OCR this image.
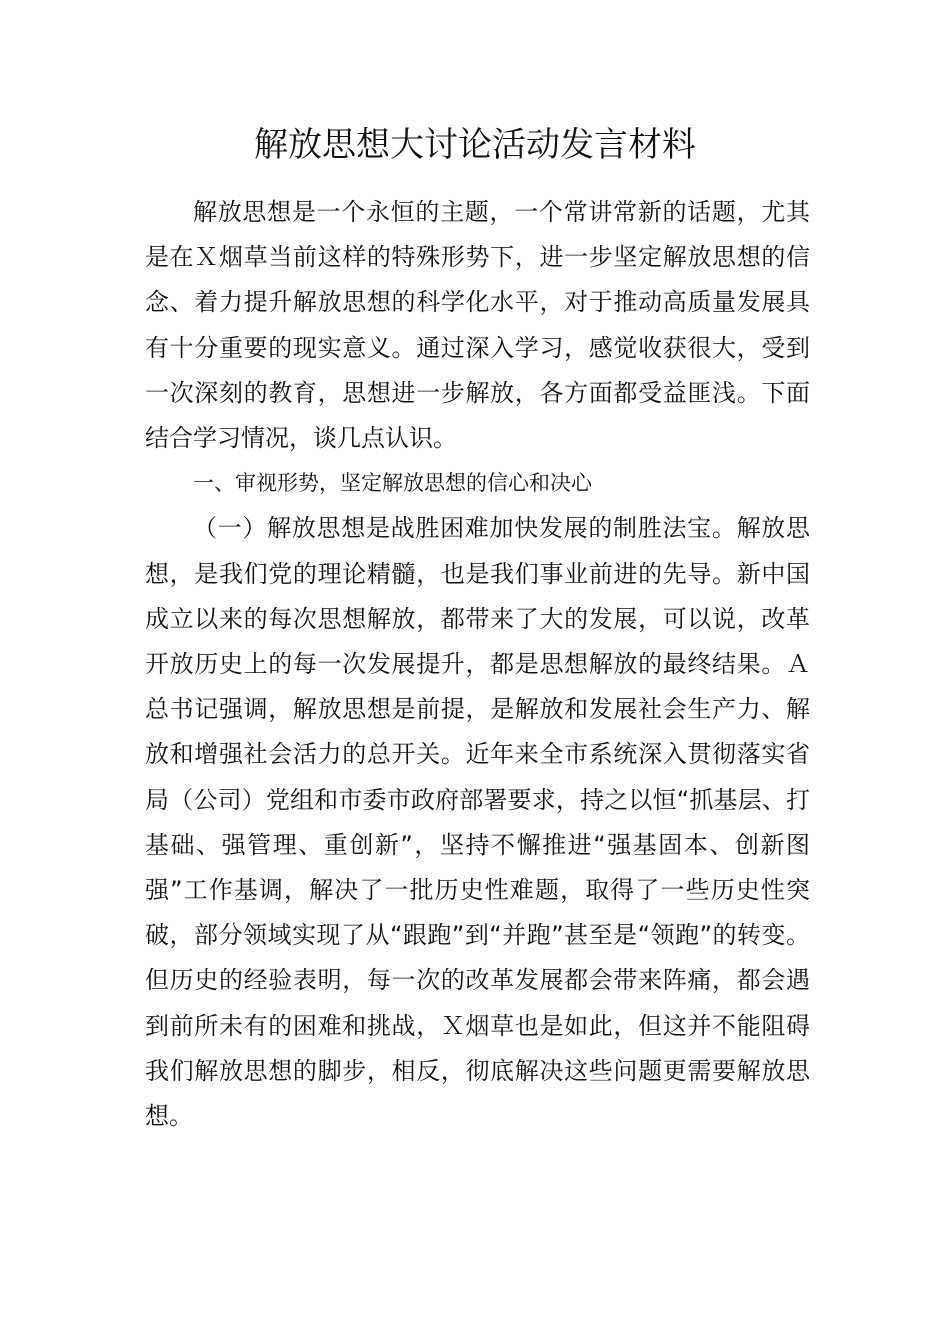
解放思想大讨论活动发言材料

解放思想是一个永恒的主题，一个常讲常新的话题，尤其是在Ｘ烟草当前这样的特殊形势下，进一步坚定解放思想的信念、着力提升解放思想的科学化水平，对于推动高质量发展具有十分重要的现实意义。通过深入学习，感觉收获很大，受到一次深刻的教育，思想进一步解放，各方面都受益匪浅。下面结合学习情况，谈几点认识。

一、审视形势，坚定解放思想的信心和决心

（一）解放思想是战胜困难加快发展的制胜法宝。解放思想，是我们党的理论精髓，也是我们事业前进的先导。新中国成立以来的每次思想解放，都带来了大的发展，可以说，改革开放历史上的每一次发展提升，都是思想解放的最终结果。Ａ总书记强调，解放思想是前提，是解放和发展社会生产力、解放和增强社会活力的总开关。近年来全市系统深入贯彻落实省局（公司）党组和市委市政府部署要求，持之以恒“抓基层、打基础、强管理、重创新”，坚持不懈推进“强基固本、创新图强”工作基调，解决了一批历史性难题，取得了一些历史性突破，部分领域实现了从“跟跑”到“并跑”甚至是“领跑”的转变。但历史的经验表明，每一次的改革发展都会带来阵痛，都会遇到前所未有的困难和挑战，Ｘ烟草也是如此，但这并不能阻碍我们解放思想的脚步，相反，彻底解决这些问题更需要解放思想。
